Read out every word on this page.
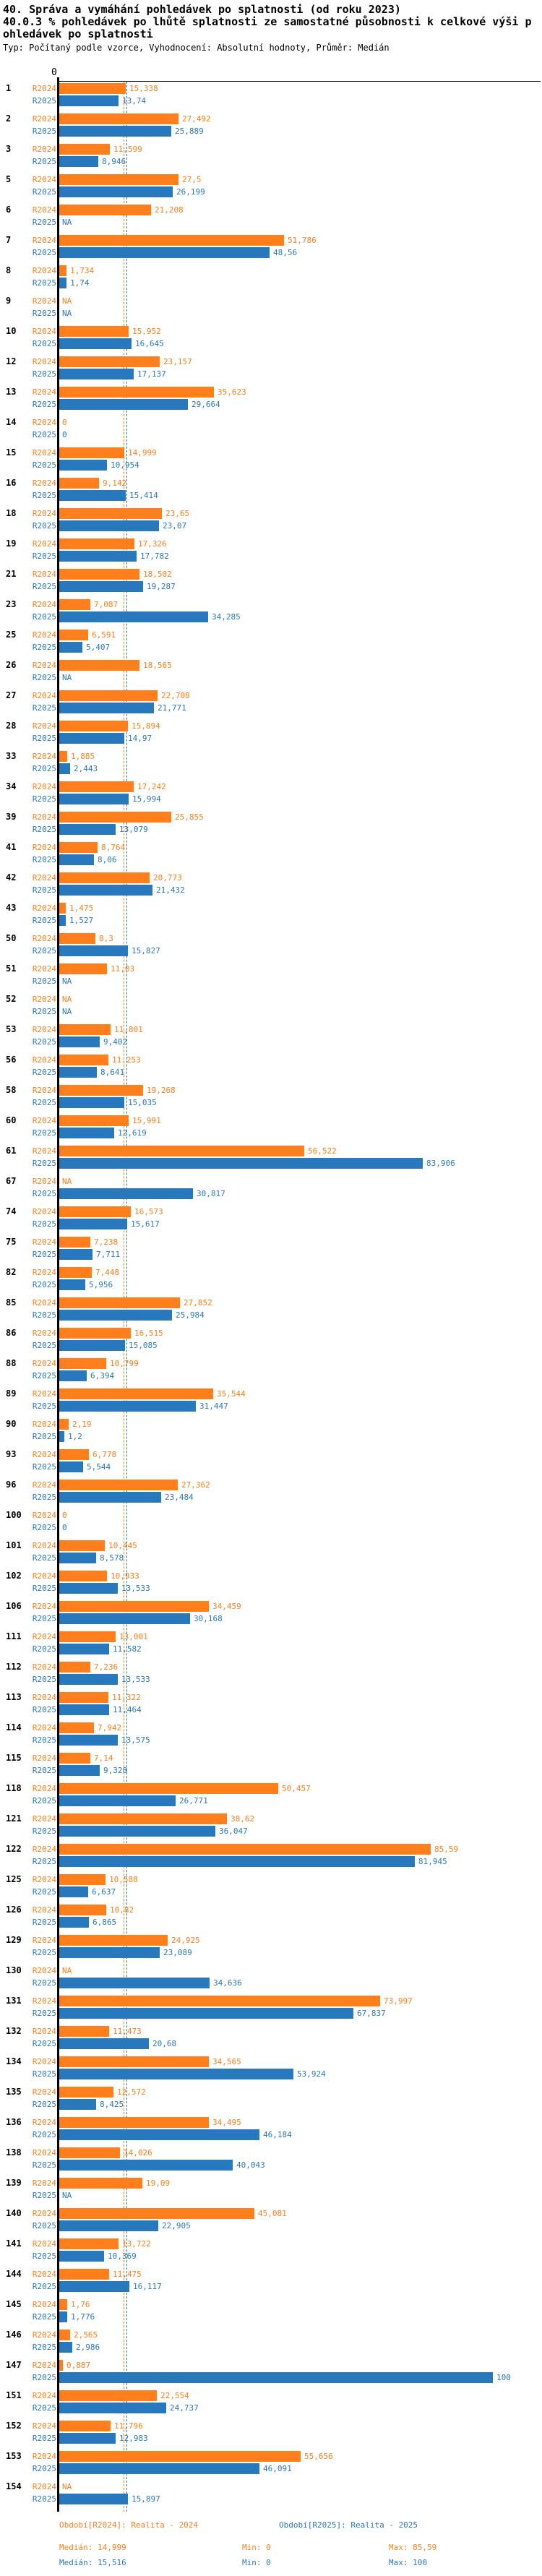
40. Správa a vymáhání pohledávek po splatnosti (od roku 2023)
40.0.3 % pohledávek po lhůtě splatnosti ze samostatné působnosti k celkové výši p
ohledávek po splatnosti
Typ: Počítaný podle vzorce, Vyhodnocení: Absolutní hodnoty, Průměr: Medián
0
1	R2024	15,338
R2025	13,74
2	R2024	27,492
R2025	25,889
3	R2024	11,599
R2025	8,946
5	R2024	27,5
R2025	26,199
6	R2024	21,208
R2025 NA
7	R2024	51,786
R2025	48,56
8	R2024 1,734
R2025 1,74
9	R2024 NA
R2025 NA
10	R2024	15,952
R2025	16,645
12	R2024	23,157
R2025	17,137
13	R2024	35,623
R2025	29,664
14	R2024 0
R2025 0
15	R2024	14,999
R2025	10,954
16	R2024	9,142
R2025	15,414
18	R2024	23,65
R2025	23,07
19	R2024	17,326
R2025	17,782
21	R2024	18,502
R2025	19,287
23	R2024	7,087
R2025	34,285
25	R2024	6,591
R2025	5,407
26	R2024	18,565
R2025 NA
27	R2024	22,708
R2025	21,771
28	R2024	15,894
R2025	14,97
33	R2024 1,885
R2025 2,443
34	R2024	17,242
R2025	15,994
39	R2024	25,855
R2025	13,079
41	R2024	8,764
R2025	8,06
42	R2024	20,773
R2025	21,432
43	R2024 1,475
R2025 1,527
50	R2024	8,3
R2025	15,827
51	R2024	11,03
R2025 NA
52	R2024 NA
R2025 NA
53	R2024	11,801
R2025	9,402
56	R2024	11,253
R2025	8,641
58	R2024	19,268
R2025	15,035
60	R2024	15,991
R2025	12,619
61	R2024	56,522
R2025	83,906
67	R2024 NA
R2025	30,817
74	R2024	16,573
R2025	15,617
75	R2024	7,238
R2025	7,711
82	R2024	7,448
R2025	5,956
85	R2024	27,852
R2025	25,984
86	R2024	16,515
R2025	15,085
88	R2024	10,799
R2025	6,394
89	R2024	35,544
R2025	31,447
90	R2024 2,19
R2025 1,2
93	R2024	6,778
R2025	5,544
96	R2024	27,362
R2025	23,484
100	R2024 0
R2025 0
101	R2024	10,445
R2025	8,578
102	R2024	10,933
R2025	13,533
106	R2024	34,459
R2025	30,168
111	R2024	13,001
R2025	11,582
112	R2024	7,236
R2025	13,533
113	R2024	11,322
R2025	11,464
114	R2024	7,942
R2025	13,575
115	R2024	7,14
R2025	9,328
118	R2024	50,457
R2025	26,771
121	R2024	38,62
R2025	36,047
122	R2024	85,59
R2025	81,945
125	R2024	10,588
R2025	6,637
126	R2024	10,82
R2025	6,865
129	R2024	24,925
R2025	23,089
130	R2024 NA
R2025	34,636
131	R2024	73,997
R2025	67,837
132	R2024	11,473
R2025	20,68
134	R2024	34,565
R2025	53,924
135	R2024	12,572
R2025	8,425
136	R2024	34,495
R2025	46,184
138	R2024	14,026
R2025	40,043
139	R2024	19,09
R2025 NA
140	R2024	45,081
R2025	22,905
141	R2024	13,722
R2025	10,369
144	R2024	11,475
R2025	16,117
145	R2024 1,76
R2025 1,776
146	R2024 2,565
R2025 2,986
147	R2024 0,887
R2025	100
151	R2024	22,554
R2025	24,737
152	R2024	11,796
R2025	12,983
153	R2024	55,656
R2025	46,091
154	R2024 NA
R2025	15,897
Období[R2024]: Realita - 2024	Období[R2025]: Realita - 2025
Medián: 14,999	Min: 0	Max: 85,59
Medián: 15,516	Min: 0	Max: 100
